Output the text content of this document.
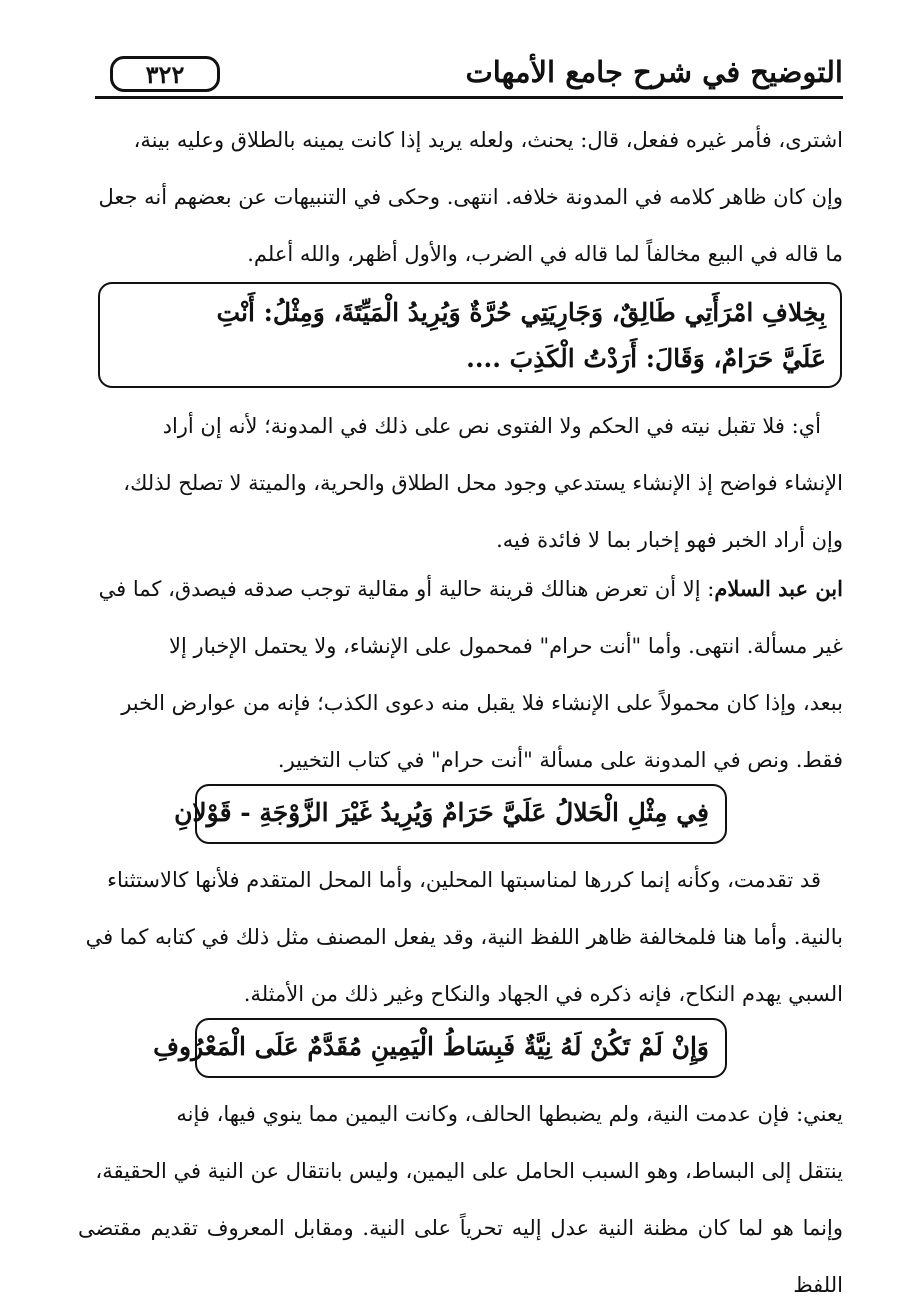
٣٢٢	التوضيح في شرح جامع الأمهات
اشترى، فأمر غيره ففعل، قال: يحنث، ولعله يريد إذا كانت يمينه بالطلاق وعليه بينة،
وإن كان ظاهر كلامه في المدونة خلافه. انتهى. وحكى في التنبيهات عن بعضهم أنه جعل
ما قاله في البيع مخالفاً لما قاله في الضرب، والأول أظهر، والله أعلم.
بِخِلافِ امْرَأَتِي طَالِقٌ، وَجَارِيَتِي حُرَّةٌ وَيُرِيدُ الْمَيِّتَةَ، وَمِثْلُ: أَنْتِ
عَلَيَّ حَرَامٌ، وَقَالَ: أَرَدْتُ الْكَذِبَ ....
أي: فلا تقبل نيته في الحكم ولا الفتوى نص على ذلك في المدونة؛ لأنه إن أراد
الإنشاء فواضح إذ الإنشاء يستدعي وجود محل الطلاق والحرية، والميتة لا تصلح لذلك،
وإن أراد الخبر فهو إخبار بما لا فائدة فيه.
ابن عبد السلام: إلا أن تعرض هنالك قرينة حالية أو مقالية توجب صدقه فيصدق، كما في
غير مسألة. انتهى. وأما "أنت حرام" فمحمول على الإنشاء، ولا يحتمل الإخبار إلا
ببعد، وإذا كان محمولاً على الإنشاء فلا يقبل منه دعوى الكذب؛ فإنه من عوارض الخبر
فقط. ونص في المدونة على مسألة "أنت حرام" في كتاب التخيير.
فِي مِثْلِ الْحَلالُ عَلَيَّ حَرَامٌ وَيُرِيدُ غَيْرَ الزَّوْجَةِ - قَوْلانِ
قد تقدمت، وكأنه إنما كررها لمناسبتها المحلين، وأما المحل المتقدم فلأنها كالاستثناء
بالنية. وأما هنا فلمخالفة ظاهر اللفظ النية، وقد يفعل المصنف مثل ذلك في كتابه كما في
السبي يهدم النكاح، فإنه ذكره في الجهاد والنكاح وغير ذلك من الأمثلة.
وَإِنْ لَمْ تَكُنْ لَهُ نِيَّةٌ فَبِسَاطُ الْيَمِينِ مُقَدَّمٌ عَلَى الْمَعْرُوفِ
يعني: فإن عدمت النية، ولم يضبطها الحالف، وكانت اليمين مما ينوي فيها، فإنه
ينتقل إلى البساط، وهو السبب الحامل على اليمين، وليس بانتقال عن النية في الحقيقة،
وإنما هو لما كان مظنة النية عدل إليه تحرياً على النية. ومقابل المعروف تقديم مقتضى اللفظ
